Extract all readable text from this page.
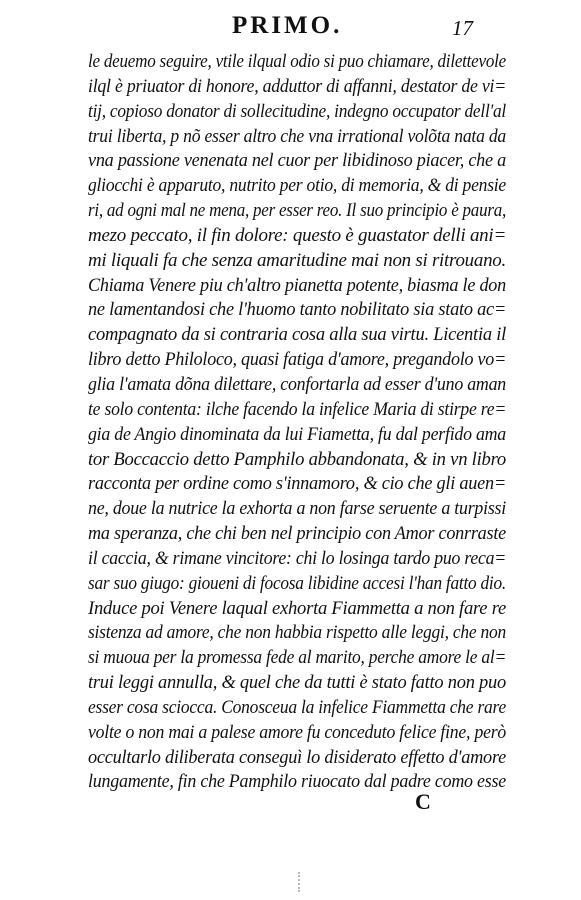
PRIMO.	17
le deuemo seguire, vtile ilqual odio si puo chiamare, dilettevole
ilql è priuator di honore, adduttor di affanni, destator de vi=
tij, copioso donator di sollecitudine, indegno occupator dell'al
trui liberta, p nõ esser altro che vna irrational volõta nata da
vna passione venenata nel cuor per libidinoso piacer, che a
gliocchi è apparuto, nutrito per otio, di memoria, & di pensie
ri, ad ogni mal ne mena, per esser reo. Il suo principio è paura,
mezo peccato, il fin dolore: questo è guastator delli ani=
mi liquali fa che senza amaritudine mai non si ritrouano.
Chiama Venere piu ch'altro pianetta potente, biasma le don
ne lamentandosi che l'huomo tanto nobilitato sia stato ac=
compagnato da si contraria cosa alla sua virtu. Licentia il
libro detto Philoloco, quasi fatiga d'amore, pregandolo vo=
glia l'amata dõna dilettare, confortarla ad esser d'uno aman
te solo contenta: ilche facendo la infelice Maria di stirpe re=
gia de Angio dinominata da lui Fiametta, fu dal perfido ama
tor Boccaccio detto Pamphilo abbandonata, & in vn libro
racconta per ordine como s'innamoro, & cio che gli auen=
ne, doue la nutrice la exhorta a non farse seruente a turpissi
ma speranza, che chi ben nel principio con Amor conrraste
il caccia, & rimane vincitore: chi lo losinga tardo puo reca=
sar suo giugo: gioueni di focosa libidine accesi l'han fatto dio.
Induce poi Venere laqual exhorta Fiammetta a non fare re
sistenza ad amore, che non habbia rispetto alle leggi, che non
si muoua per la promessa fede al marito, perche amore le al=
trui leggi annulla, & quel che da tutti è stato fatto non puo
esser cosa sciocca. Conosceua la infelice Fiammetta che rare
volte o non mai a palese amore fu conceduto felice fine, però
occultarlo diliberata conseguì lo disiderato effetto d'amore
lungamente, fin che Pamphilo riuocato dal padre como esse
C
